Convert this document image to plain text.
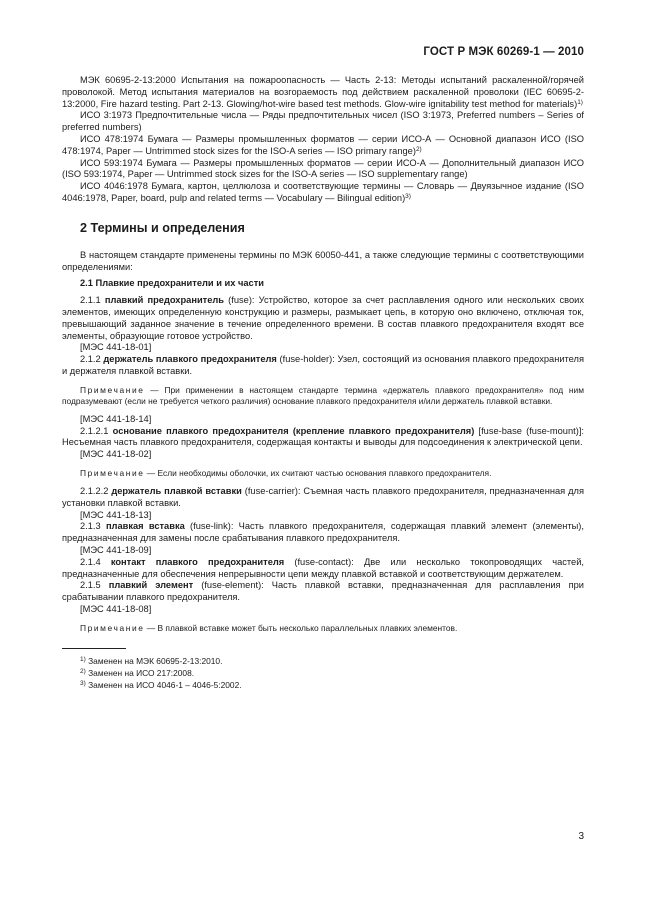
ГОСТ Р МЭК 60269-1 — 2010

МЭК 60695-2-13:2000 Испытания на пожароопасность — Часть 2-13: Методы испытаний раскаленной/горячей проволокой. Метод испытания материалов на возгораемость под действием раскаленной проволоки (IEC 60695-2-13:2000, Fire hazard testing. Part 2-13. Glowing/hot-wire based test methods. Glow-wire ignitability test method for materials)$^{1)}$

ИСО 3:1973 Предпочтительные числа — Ряды предпочтительных чисел (ISO 3:1973, Preferred numbers – Series of preferred numbers)

ИСО 478:1974 Бумага — Размеры промышленных форматов — серии ИСО-А — Основной диапазон ИСО (ISO 478:1974, Paper — Untrimmed stock sizes for the ISO-A series — ISO primary range)$^{2)}$

ИСО 593:1974 Бумага — Размеры промышленных форматов — серии ИСО-А — Дополнительный диапазон ИСО (ISO 593:1974, Paper — Untrimmed stock sizes for the ISO-A series — ISO supplementary range)

ИСО 4046:1978 Бумага, картон, целлюлоза и соответствующие термины — Словарь — Двуязычное издание (ISO 4046:1978, Paper, board, pulp and related terms — Vocabulary — Bilingual edition)$^{3)}$

2 Термины и определения

В настоящем стандарте применены термины по МЭК 60050-441, а также следующие термины с соответствующими определениями:

2.1 Плавкие предохранители и их части

2.1.1 плавкий предохранитель (fuse): Устройство, которое за счет расплавления одного или нескольких своих элементов, имеющих определенную конструкцию и размеры, размыкает цепь, в которую оно включено, отключая ток, превышающий заданное значение в течение определенного времени. В состав плавкого предохранителя входят все элементы, образующие готовое устройство.

[МЭС 441-18-01]

2.1.2 держатель плавкого предохранителя (fuse-holder): Узел, состоящий из основания плавкого предохранителя и держателя плавкой вставки.

Примечание — При применении в настоящем стандарте термина «держатель плавкого предохранителя» под ним подразумевают (если не требуется четкого различия) основание плавкого предохранителя и/или держатель плавкой вставки.

[МЭС 441-18-14]

2.1.2.1 основание плавкого предохранителя (крепление плавкого предохранителя) [fuse-base (fuse-mount)]: Несъемная часть плавкого предохранителя, содержащая контакты и выводы для подсоединения к электрической цепи.

[МЭС 441-18-02]

Примечание — Если необходимы оболочки, их считают частью основания плавкого предохранителя.

2.1.2.2 держатель плавкой вставки (fuse-carrier): Съемная часть плавкого предохранителя, предназначенная для установки плавкой вставки.

[МЭС 441-18-13]

2.1.3 плавкая вставка (fuse-link): Часть плавкого предохранителя, содержащая плавкий элемент (элементы), предназначенная для замены после срабатывания плавкого предохранителя.

[МЭС 441-18-09]

2.1.4 контакт плавкого предохранителя (fuse-contact): Две или несколько токопроводящих частей, предназначенные для обеспечения непрерывности цепи между плавкой вставкой и соответствующим держателем.

2.1.5 плавкий элемент (fuse-element): Часть плавкой вставки, предназначенная для расплавления при срабатывании плавкого предохранителя.

[МЭС 441-18-08]

Примечание — В плавкой вставке может быть несколько параллельных плавких элементов.

$^{1)}$ Заменен на МЭК 60695-2-13:2010.
$^{2)}$ Заменен на ИСО 217:2008.
$^{3)}$ Заменен на ИСО 4046-1 – 4046-5:2002.
3
